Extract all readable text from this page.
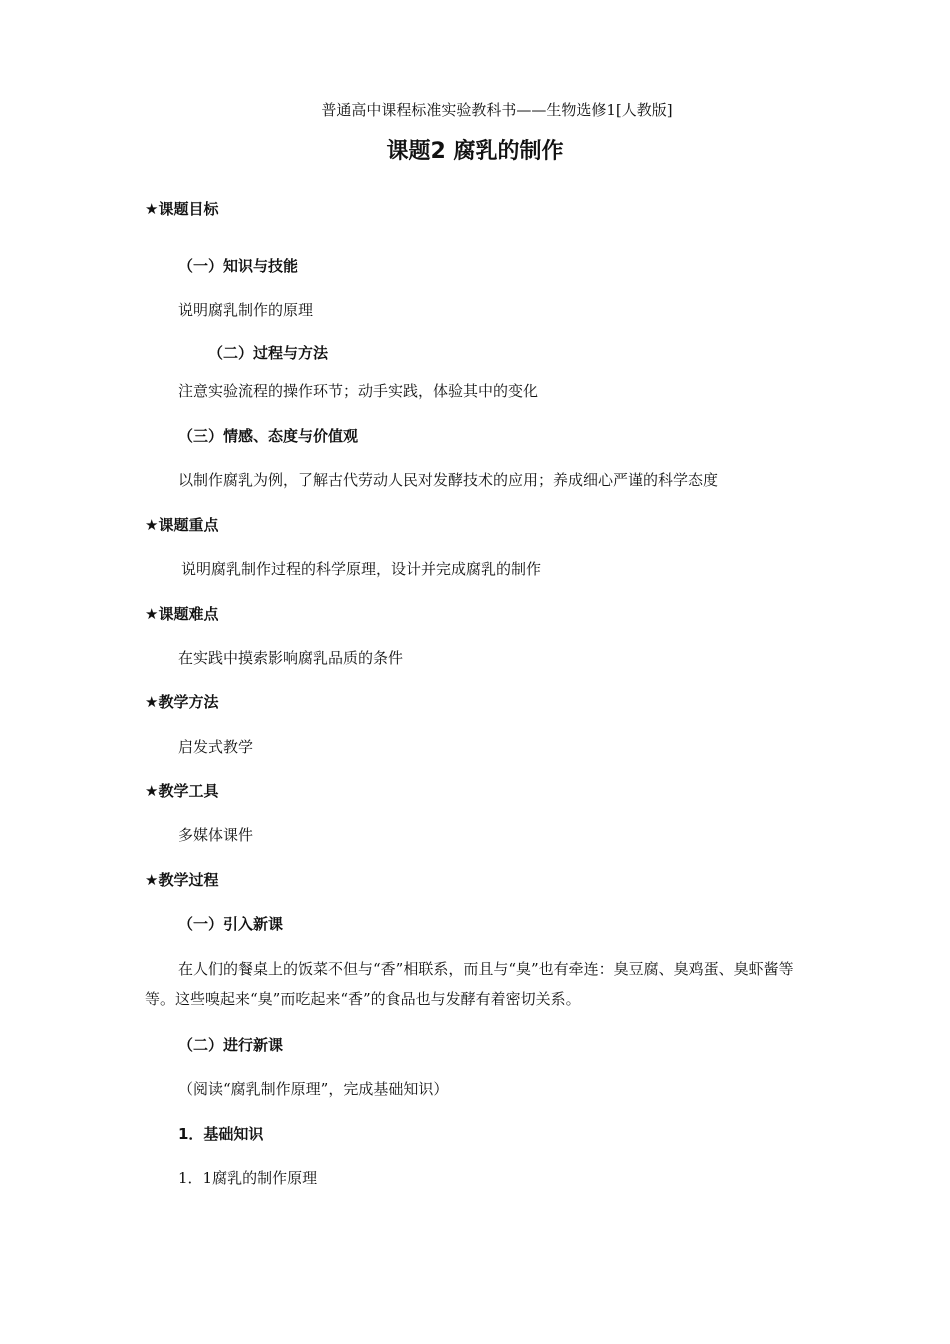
普通高中课程标准实验教科书——生物选修1[人教版]
课题2 腐乳的制作
★课题目标
（一）知识与技能
说明腐乳制作的原理
（二）过程与方法
注意实验流程的操作环节；动手实践，体验其中的变化
（三）情感、态度与价值观
以制作腐乳为例，了解古代劳动人民对发酵技术的应用；养成细心严谨的科学态度
★课题重点
说明腐乳制作过程的科学原理，设计并完成腐乳的制作
★课题难点
在实践中摸索影响腐乳品质的条件
★教学方法
启发式教学
★教学工具
多媒体课件
★教学过程
（一）引入新课
在人们的餐桌上的饭菜不但与“香”相联系，而且与“臭”也有牵连：臭豆腐、臭鸡蛋、臭虾酱等等。这些嗅起来“臭”而吃起来“香”的食品也与发酵有着密切关系。
（二）进行新课
（阅读“腐乳制作原理”，完成基础知识）
1．基础知识
1．1腐乳的制作原理
